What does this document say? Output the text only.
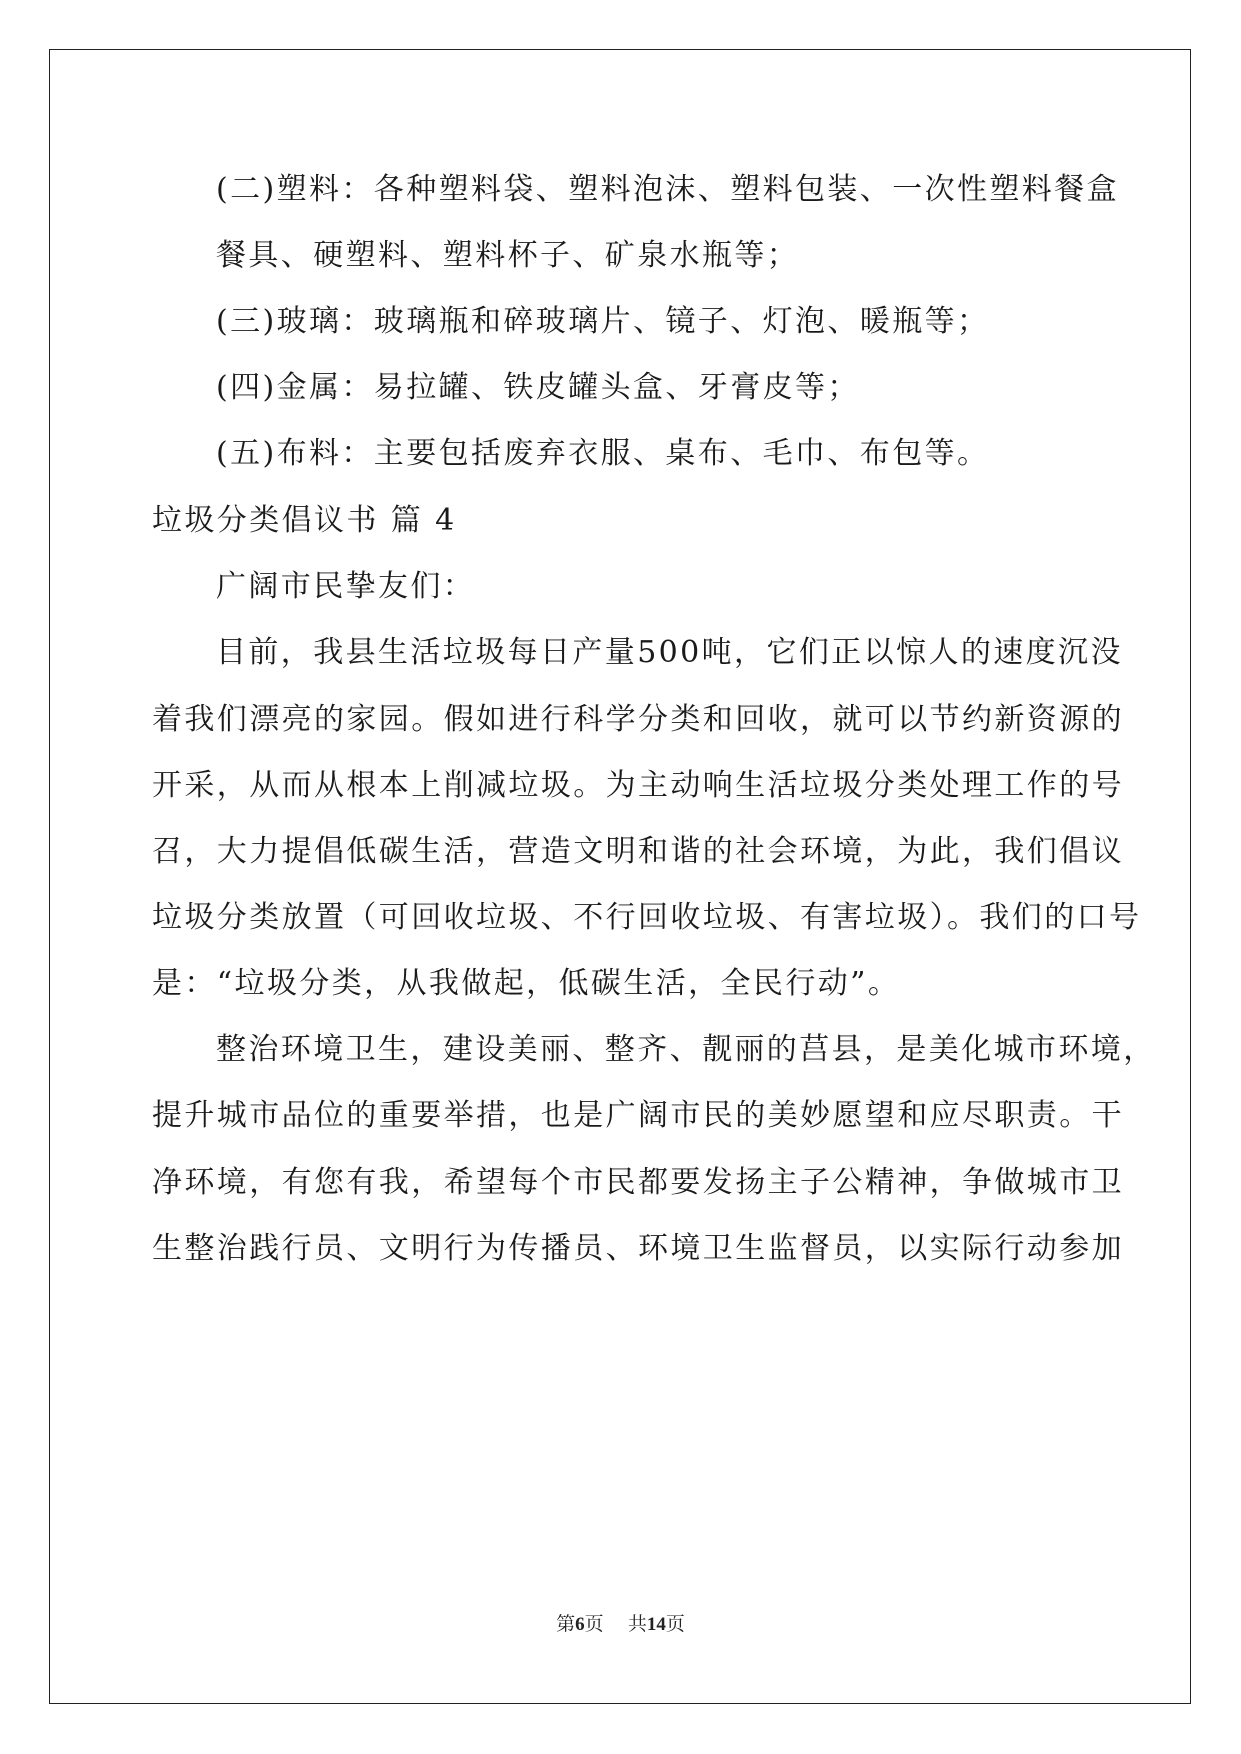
(二)塑料：各种塑料袋、塑料泡沫、塑料包装、一次性塑料餐盒
餐具、硬塑料、塑料杯子、矿泉水瓶等；
(三)玻璃：玻璃瓶和碎玻璃片、镜子、灯泡、暖瓶等；
(四)金属：易拉罐、铁皮罐头盒、牙膏皮等；
(五)布料：主要包括废弃衣服、桌布、毛巾、布包等。
垃圾分类倡议书 篇 4
广阔市民挚友们：
目前，我县生活垃圾每日产量500吨，它们正以惊人的速度沉没
着我们漂亮的家园。假如进行科学分类和回收，就可以节约新资源的
开采，从而从根本上削减垃圾。为主动响生活垃圾分类处理工作的号
召，大力提倡低碳生活，营造文明和谐的社会环境，为此，我们倡议
垃圾分类放置（可回收垃圾、不行回收垃圾、有害垃圾）。我们的口号
是：“垃圾分类，从我做起，低碳生活，全民行动”。
整治环境卫生，建设美丽、整齐、靓丽的莒县，是美化城市环境，
提升城市品位的重要举措，也是广阔市民的美妙愿望和应尽职责。干
净环境，有您有我，希望每个市民都要发扬主子公精神，争做城市卫
生整治践行员、文明行为传播员、环境卫生监督员，以实际行动参加
第6页 共14页
